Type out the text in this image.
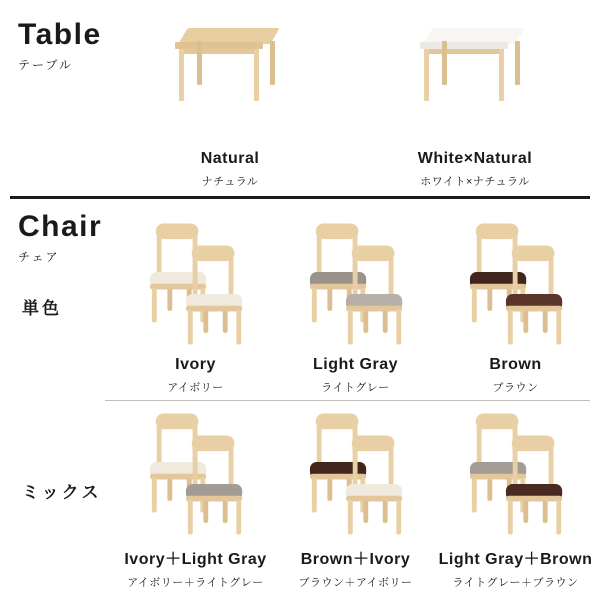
Table
テーブル
Natural
ナチュラル
White×Natural
ホワイト×ナチュラル
Chair
チェア
単色
Ivory
アイボリー
Light Gray
ライトグレー
Brown
ブラウン
ミックス
Ivory＋Light Gray
アイボリー＋ライトグレー
Brown＋Ivory
ブラウン＋アイボリー
Light Gray＋Brown
ライトグレー＋ブラウン
